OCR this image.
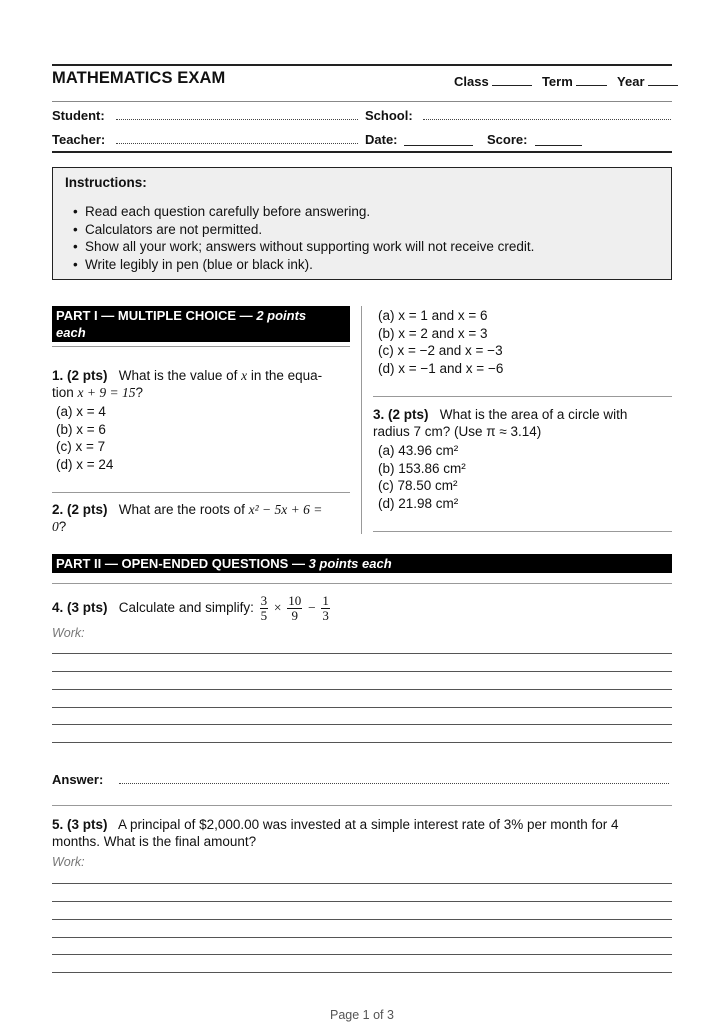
MATHEMATICS EXAM	Class	Term	Year
Student:	School:
Teacher:	Date:	Score:
Instructions:
• Read each question carefully before answering.
• Calculators are not permitted.
• Show all your work; answers without supporting work will not receive credit.
• Write legibly in pen (blue or black ink).
PART I — MULTIPLE CHOICE — 2 points
each
1. (2 pts) What is the value of x in the equa-
tion x + 9 = 15?
(a) x = 4
(b) x = 6
(c) x = 7
(d) x = 24
2. (2 pts) What are the roots of x² − 5x + 6 =
0?
(a) x = 1 and x = 6
(b) x = 2 and x = 3
(c) x = −2 and x = −3
(d) x = −1 and x = −6
3. (2 pts) What is the area of a circle with
radius 7 cm? (Use π ≈ 3.14)
(a) 43.96 cm²
(b) 153.86 cm²
(c) 78.50 cm²
(d) 21.98 cm²
PART II — OPEN-ENDED QUESTIONS — 3 points each
4. (3 pts) Calculate and simplify: $\frac{3}{5} \times \frac{10}{9} - \frac{1}{3}$
Work:
Answer:
5. (3 pts) A principal of $2,000.00 was invested at a simple interest rate of 3% per month for 4
months. What is the final amount?
Work:
Page 1 of 3
